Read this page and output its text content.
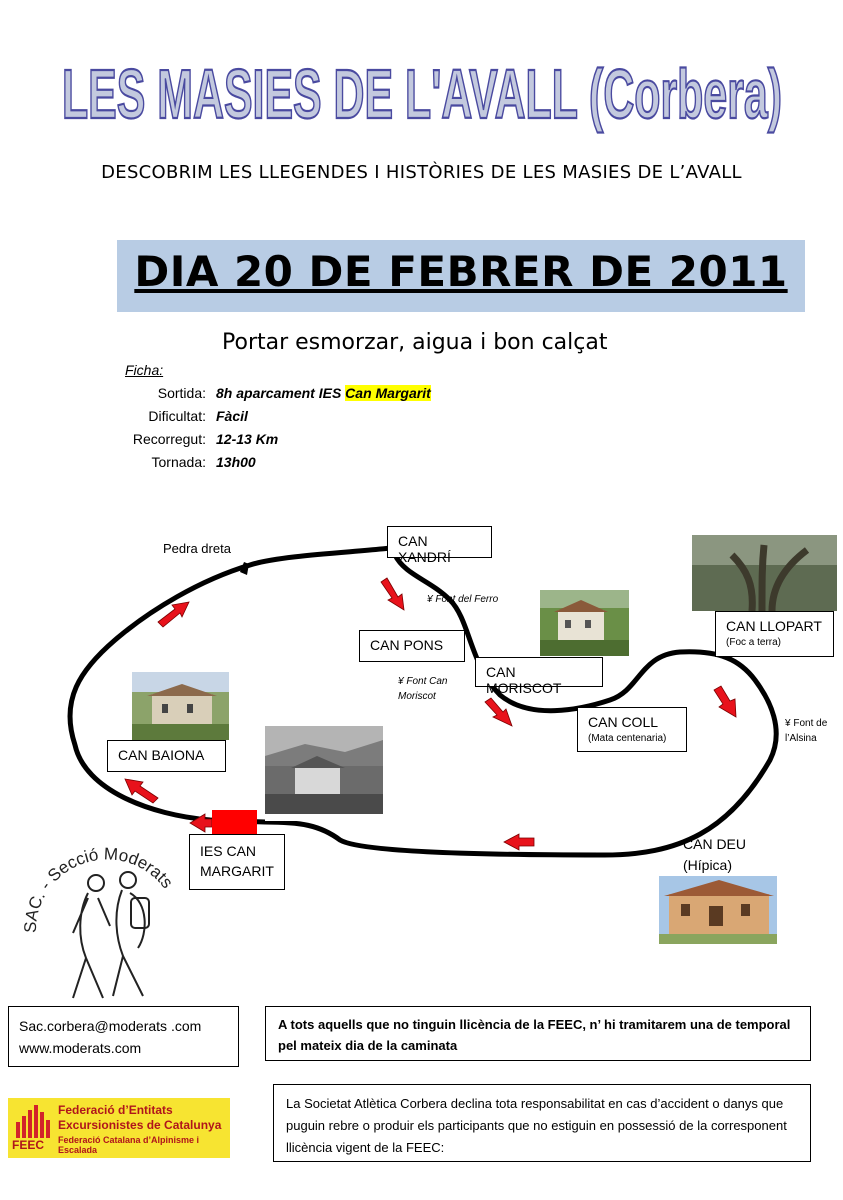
LES MASIES DE L'AVALL (Corbera)
DESCOBRIM LES LLEGENDES I HISTÒRIES DE LES MASIES DE L’AVALL
DIA 20 DE FEBRER DE 2011
Portar esmorzar, aigua i bon calçat
Ficha:
Sortida: 8h aparcament IES Can Margarit
Dificultat: Fàcil
Recorregut: 12-13 Km
Tornada: 13h00
Pedra dreta	CAN XANDRÍ
CAN PONS
CAN MORISCOT
CAN COLL
(Mata centenaria)
CAN LLOPART
(Foc a terra)
CAN BAIONA
IES CAN
MARGARIT
CAN DEU
(Hípica)
¥ Font del Ferro
¥ Font Can
Moriscot
¥ Font de
l’Alsina
SAC. - Secció Moderats
Sac.corbera@moderats .com
www.moderats.com
A tots aquells que no tinguin llicència de la FEEC, n’ hi tramitarem una de temporal pel mateix dia de la caminata
La Societat Atlètica Corbera declina tota responsabilitat en cas d’accident o danys que puguin rebre o produir els participants que no estiguin en possessió de la corresponent llicència vigent de la FEEC:
FEEC
Federació d’Entitats
Excursionistes de Catalunya
Federació Catalana d’Alpinisme i Escalada
